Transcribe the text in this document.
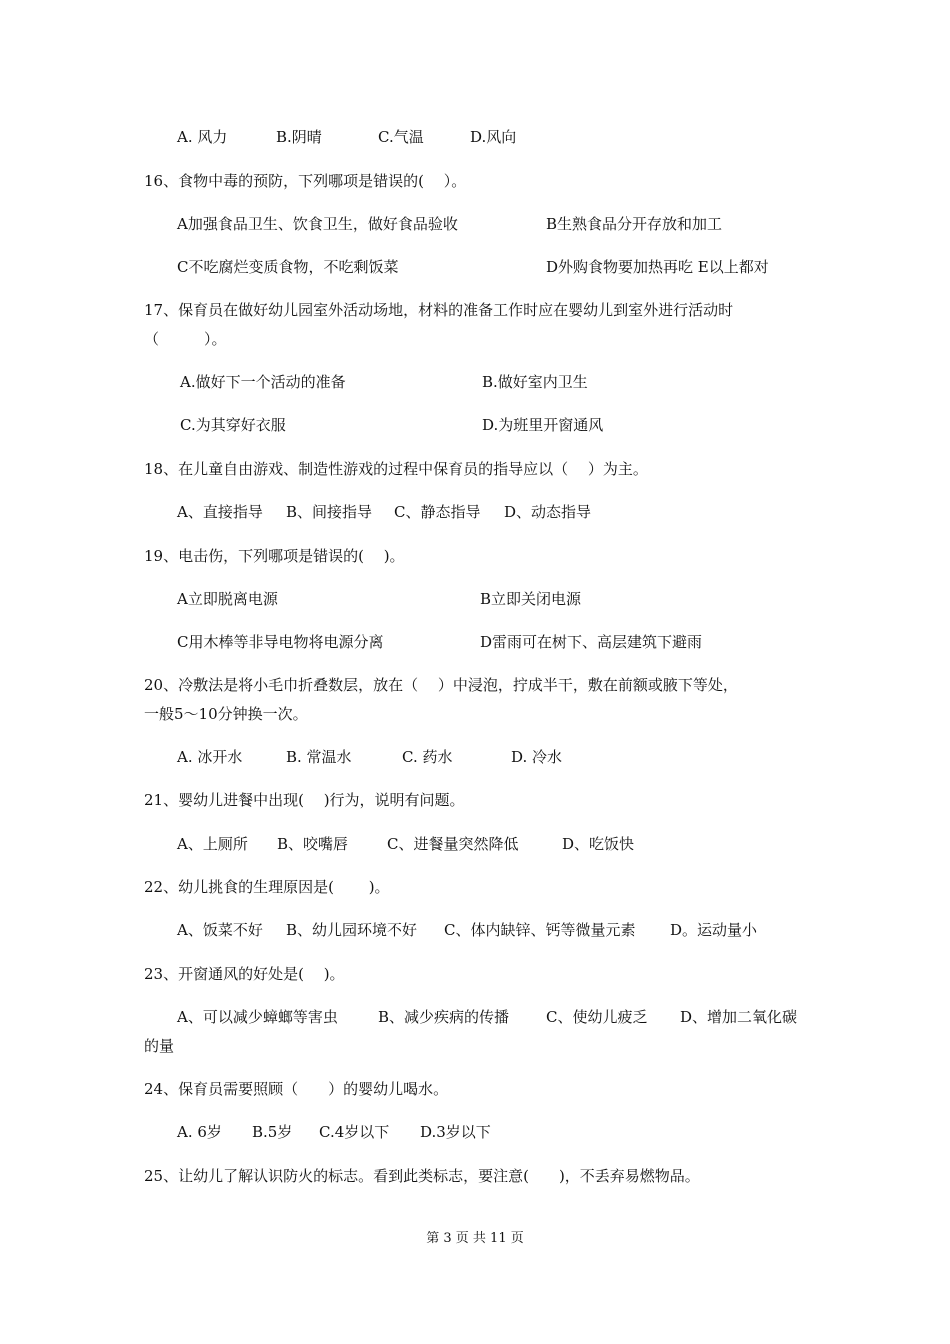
A. 风力	B.阴晴	C.气温	D.风向
16、食物中毒的预防，下列哪项是错误的(　 ）。
A加强食品卫生、饮食卫生，做好食品验收	B生熟食品分开存放和加工
C不吃腐烂变质食物，不吃剩饭菜	D外购食物要加热再吃 E以上都对
17、保育员在做好幼儿园室外活动场地，材料的准备工作时应在婴幼儿到室外进行活动时
（　　　）。
A.做好下一个活动的准备	B.做好室内卫生
C.为其穿好衣服	D.为班里开窗通风
18、在儿童自由游戏、制造性游戏的过程中保育员的指导应以（　 ）为主。
A、直接指导 B、间接指导 C、静态指导 D、动态指导
19、电击伤，下列哪项是错误的(　 )。
A立即脱离电源	B立即关闭电源
C用木棒等非导电物将电源分离	D雷雨可在树下、高层建筑下避雨
20、冷敷法是将小毛巾折叠数层，放在（　 ）中浸泡，拧成半干，敷在前额或腋下等处，
一般5～10分钟换一次。
A. 冰开水	B. 常温水	C. 药水	D. 冷水
21、婴幼儿进餐中出现(　 )行为，说明有问题。
A、上厕所 B、咬嘴唇	C、进餐量突然降低	D、吃饭快
22、幼儿挑食的生理原因是(　　 )。
A、饭菜不好 B、幼儿园环境不好 C、体内缺锌、钙等微量元素 D。运动量小
23、开窗通风的好处是(　 )。
A、可以减少蟑螂等害虫	B、减少疾病的传播 C、使幼儿疲乏 D、增加二氧化碳
的量
24、保育员需要照顾（　　）的婴幼儿喝水。
A. 6岁 B.5岁 C.4岁以下 D.3岁以下
25、让幼儿了解认识防火的标志。看到此类标志，要注意(　　)，不丢弃易燃物品。
第 3 页 共 11 页
